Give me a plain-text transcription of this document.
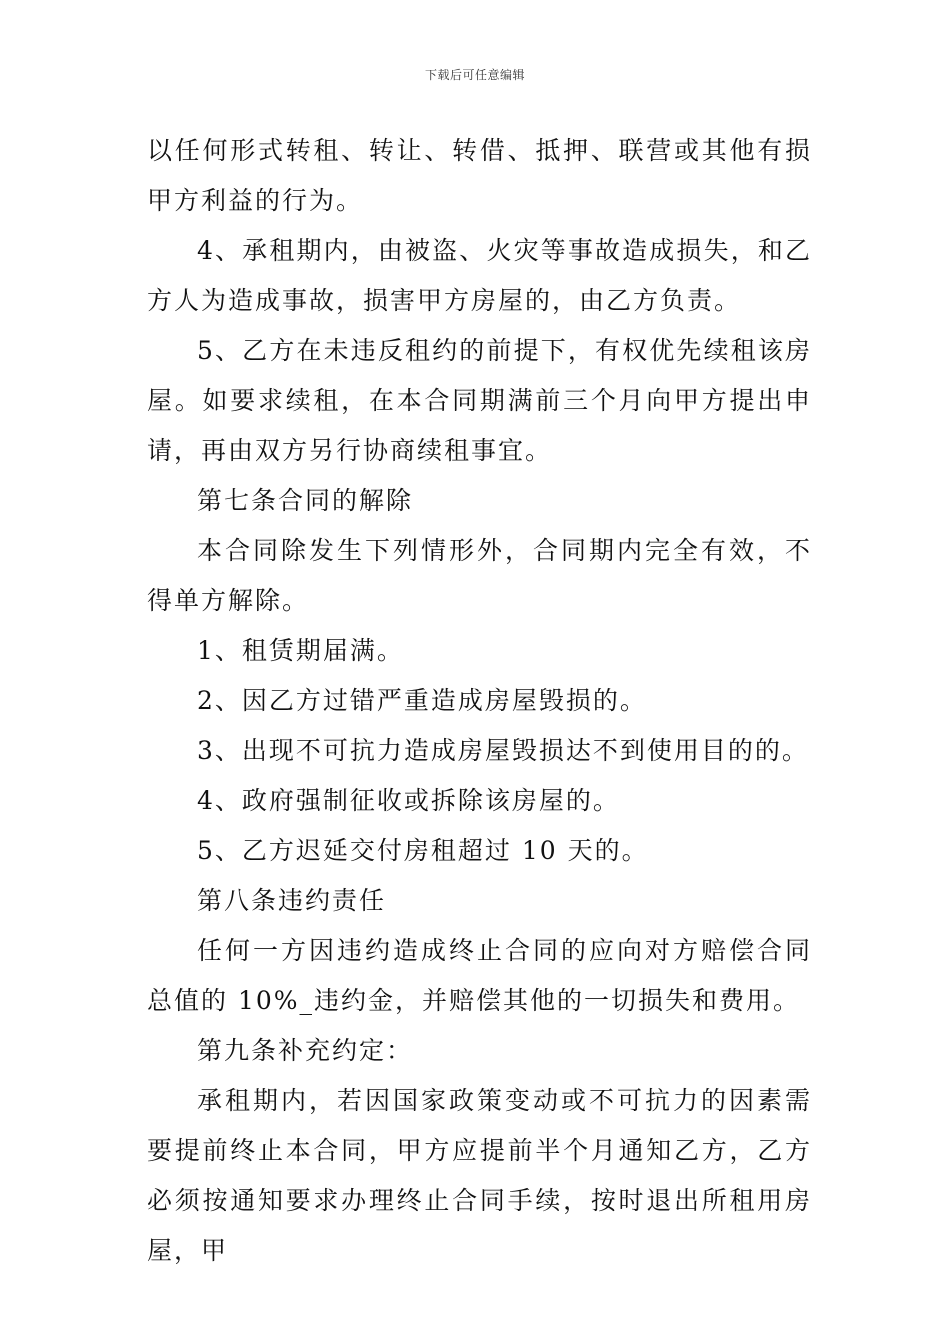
下载后可任意编辑

以任何形式转租、转让、转借、抵押、联营或其他有损甲方利益的行为。

4、承租期内，由被盗、火灾等事故造成损失，和乙方人为造成事故，损害甲方房屋的，由乙方负责。

5、乙方在未违反租约的前提下，有权优先续租该房屋。如要求续租，在本合同期满前三个月向甲方提出申请，再由双方另行协商续租事宜。

第七条合同的解除

本合同除发生下列情形外，合同期内完全有效，不得单方解除。

1、租赁期届满。

2、因乙方过错严重造成房屋毁损的。

3、出现不可抗力造成房屋毁损达不到使用目的的。

4、政府强制征收或拆除该房屋的。

5、乙方迟延交付房租超过 10 天的。

第八条违约责任

任何一方因违约造成终止合同的应向对方赔偿合同总值的 10%_违约金，并赔偿其他的一切损失和费用。

第九条补充约定：

承租期内，若因国家政策变动或不可抗力的因素需要提前终止本合同，甲方应提前半个月通知乙方，乙方必须按通知要求办理终止合同手续，按时退出所租用房屋，甲
